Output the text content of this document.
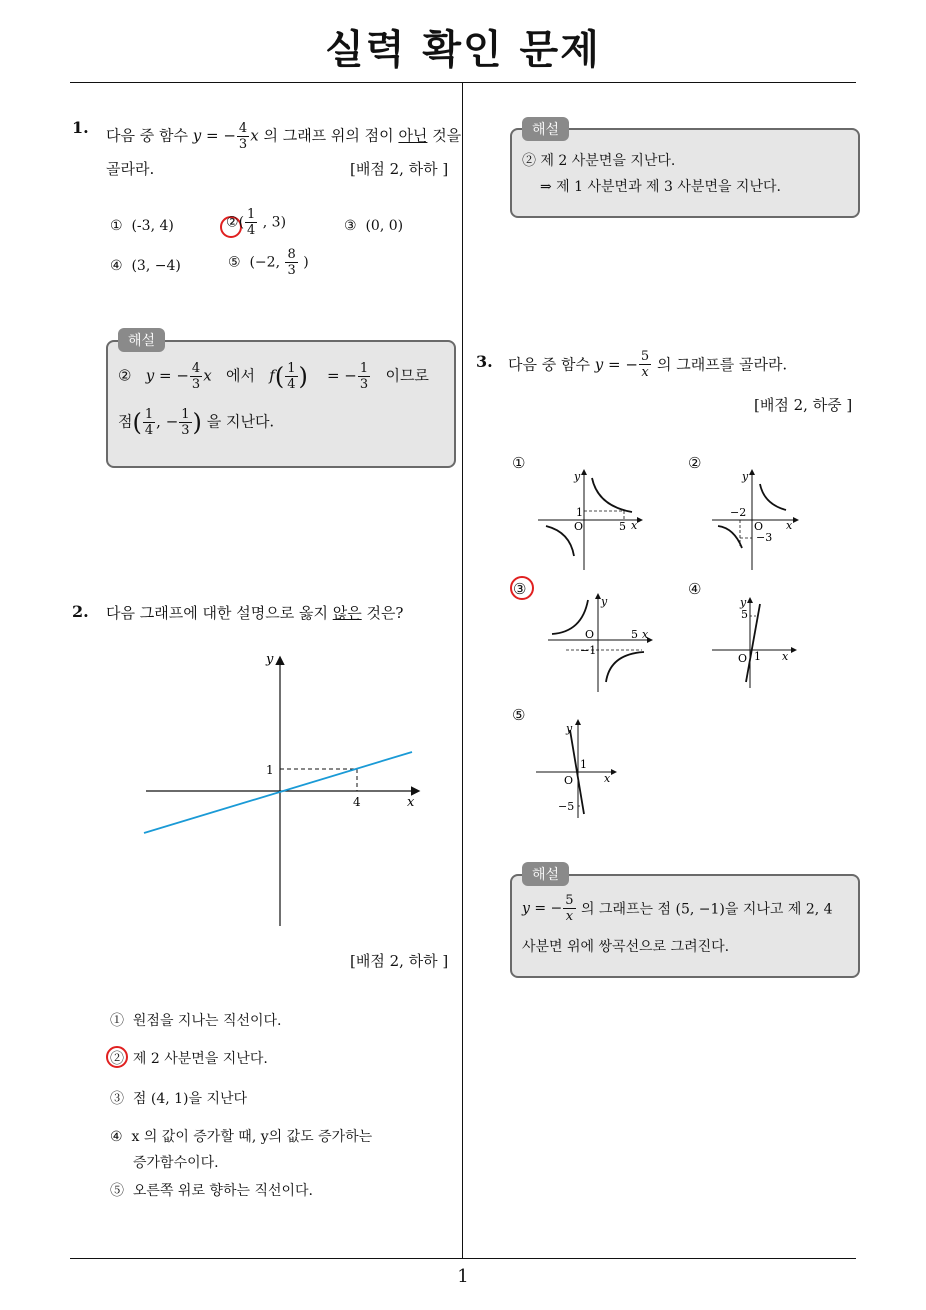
실력 확인 문제
1
1. 다음 중 함수 y = − $\frac{4}{3}$ x 의 그래프 위의 점이 아닌 것을
골라라.	[배점 2, 하하 ]
① (-3, 4)	②( $\frac{1}{4}$ , 3)	③ (0, 0)
④ (3, −4)	⑤ (−2, $\frac{8}{3}$ )
해설
② y = − $\frac{4}{3}$ x 에서 $f( \frac{1}{4}$ ) = − $\frac{1}{3}$ 이므로
점( $\frac{1}{4}$ , − $\frac{1}{3}$ ) 을 지난다.
2. 다음 그래프에 대한 설명으로 옳지 않은 것은?
y
x
1
4
[배점 2, 하하 ]
① 원점을 지나는 직선이다.
② 제 2 사분면을 지난다.
③ 점 (4, 1)을 지난다
④ x 의 값이 증가할 때, y의 값도 증가하는
증가함수이다.
⑤ 오른쪽 위로 향하는 직선이다.
해설
② 제 2 사분면을 지난다.
⇒ 제 1 사분면과 제 3 사분면을 지난다.
3. 다음 중 함수 y = − $\frac{5}{x}$ 의 그래프를 골라라.
[배점 2, 하중 ]
①	②
③	④
⑤
y
1
5 x
O
y
−2
O x
−3
y
O	5 x
−1
y
5
O 1 x
y
O
1
x
−5
해설
y = − $\frac{5}{x}$ 의 그래프는 점 (5, −1)을 지나고 제 2, 4
사분면 위에 쌍곡선으로 그려진다.
